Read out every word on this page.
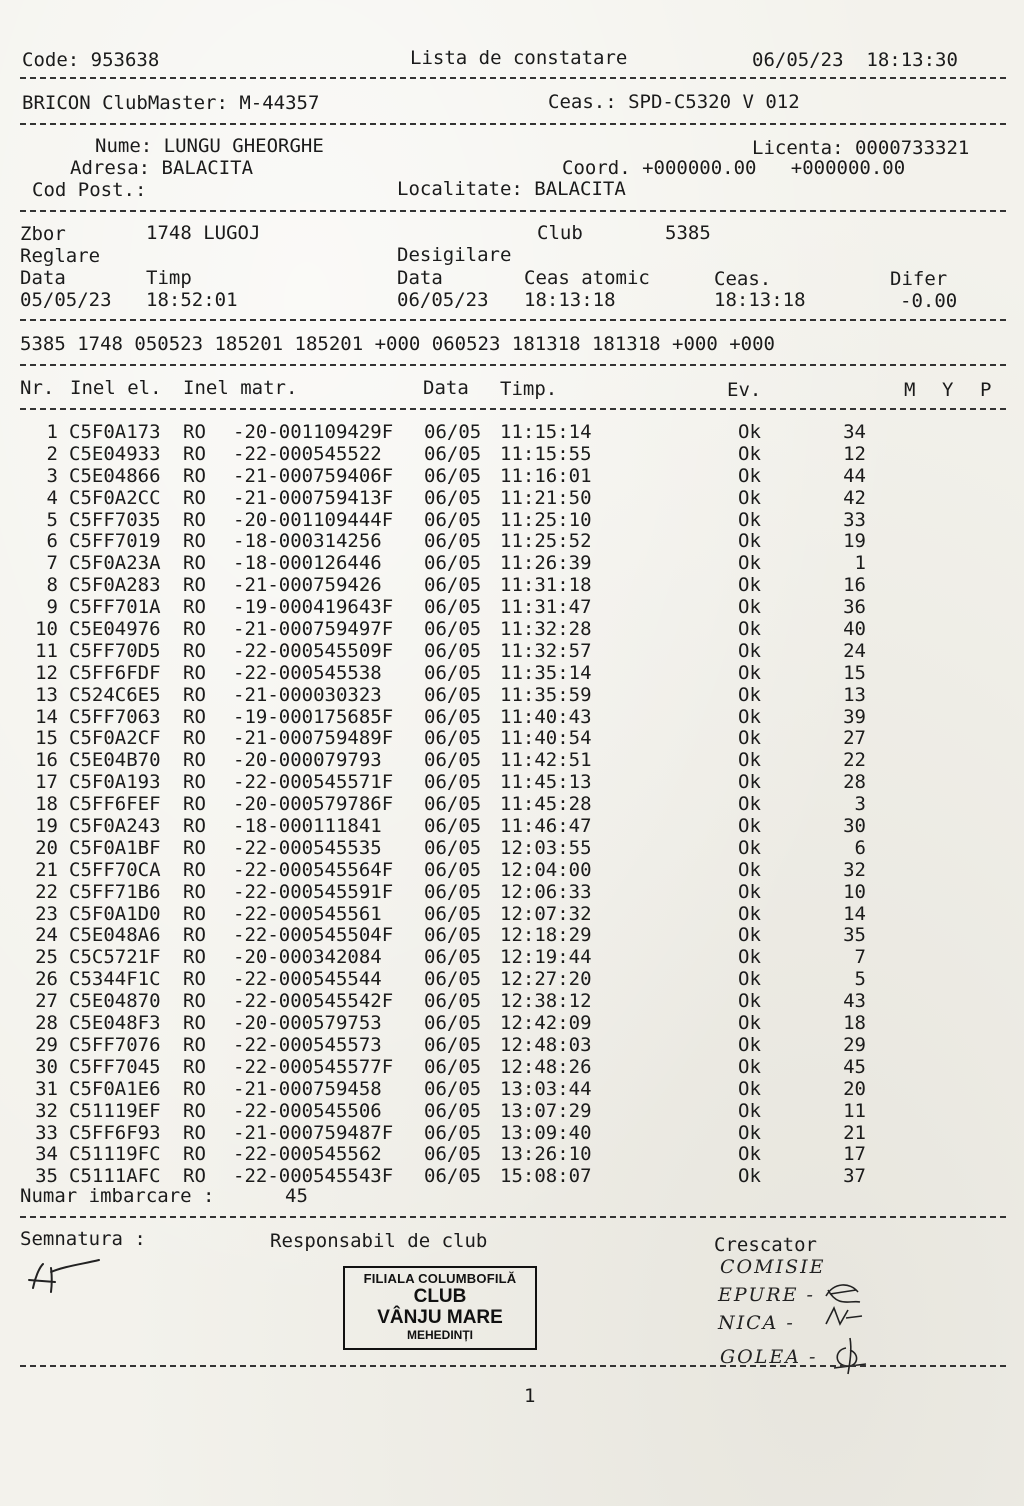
Code: 953638	Lista de constatare	06/05/23  18:13:30
BRICON ClubMaster: M-44357	Ceas.: SPD-C5320 V 012
Nume: LUNGU GHEORGHE	Licenta: 0000733321
Adresa: BALACITA	Coord. +000000.00   +000000.00
Cod Post.:	Localitate: BALACITA
Zbor	1748 LUGOJ	Club	5385
Reglare	Desigilare
Data	Timp	Data	Ceas atomic	Ceas.	Difer
05/05/23 18:52:01	06/05/23 18:13:18	18:13:18	-0.00
5385 1748 050523 185201 185201 +000 060523 181318 181318 +000 +000
Nr. Inel el. Inel matr.	Data Timp.	Ev.	M Y P
1 C5F0A173 RO -20-001109429F 06/05 11:15:14	Ok	34
2 C5E04933 RO -22-000545522 06/05 11:15:55	Ok	12
3 C5E04866 RO -21-000759406F 06/05 11:16:01	Ok	44
4 C5F0A2CC RO -21-000759413F 06/05 11:21:50	Ok	42
5 C5FF7035 RO -20-001109444F 06/05 11:25:10	Ok	33
6 C5FF7019 RO -18-000314256 06/05 11:25:52	Ok	19
7 C5F0A23A RO -18-000126446 06/05 11:26:39	Ok	1
8 C5F0A283 RO -21-000759426 06/05 11:31:18	Ok	16
9 C5FF701A RO -19-000419643F 06/05 11:31:47	Ok	36
10 C5E04976 RO -21-000759497F 06/05 11:32:28	Ok	40
11 C5FF70D5 RO -22-000545509F 06/05 11:32:57	Ok	24
12 C5FF6FDF RO -22-000545538 06/05 11:35:14	Ok	15
13 C524C6E5 RO -21-000030323 06/05 11:35:59	Ok	13
14 C5FF7063 RO -19-000175685F 06/05 11:40:43	Ok	39
15 C5F0A2CF RO -21-000759489F 06/05 11:40:54	Ok	27
16 C5E04B70 RO -20-000079793 06/05 11:42:51	Ok	22
17 C5F0A193 RO -22-000545571F 06/05 11:45:13	Ok	28
18 C5FF6FEF RO -20-000579786F 06/05 11:45:28	Ok	3
19 C5F0A243 RO -18-000111841 06/05 11:46:47	Ok	30
20 C5F0A1BF RO -22-000545535 06/05 12:03:55	Ok	6
21 C5FF70CA RO -22-000545564F 06/05 12:04:00	Ok	32
22 C5FF71B6 RO -22-000545591F 06/05 12:06:33	Ok	10
23 C5F0A1D0 RO -22-000545561 06/05 12:07:32	Ok	14
24 C5E048A6 RO -22-000545504F 06/05 12:18:29	Ok	35
25 C5C5721F RO -20-000342084 06/05 12:19:44	Ok	7
26 C5344F1C RO -22-000545544 06/05 12:27:20	Ok	5
27 C5E04870 RO -22-000545542F 06/05 12:38:12	Ok	43
28 C5E048F3 RO -20-000579753 06/05 12:42:09	Ok	18
29 C5FF7076 RO -22-000545573 06/05 12:48:03	Ok	29
30 C5FF7045 RO -22-000545577F 06/05 12:48:26	Ok	45
31 C5F0A1E6 RO -21-000759458 06/05 13:03:44	Ok	20
32 C51119EF RO -22-000545506 06/05 13:07:29	Ok	11
33 C5FF6F93 RO -21-000759487F 06/05 13:09:40	Ok	21
34 C51119FC RO -22-000545562 06/05 13:26:10	Ok	17
35 C5111AFC RO -22-000545543F 06/05 15:08:07	Ok	37
Numar imbarcare :	45
Semnatura :	Responsabil de club	Crescator
FILIALA COLUMBOFILĂ
CLUB
VÂNJU MARE
MEHEDINȚI
COMISIE
EPURE -
NICA -
GOLEA -
1
